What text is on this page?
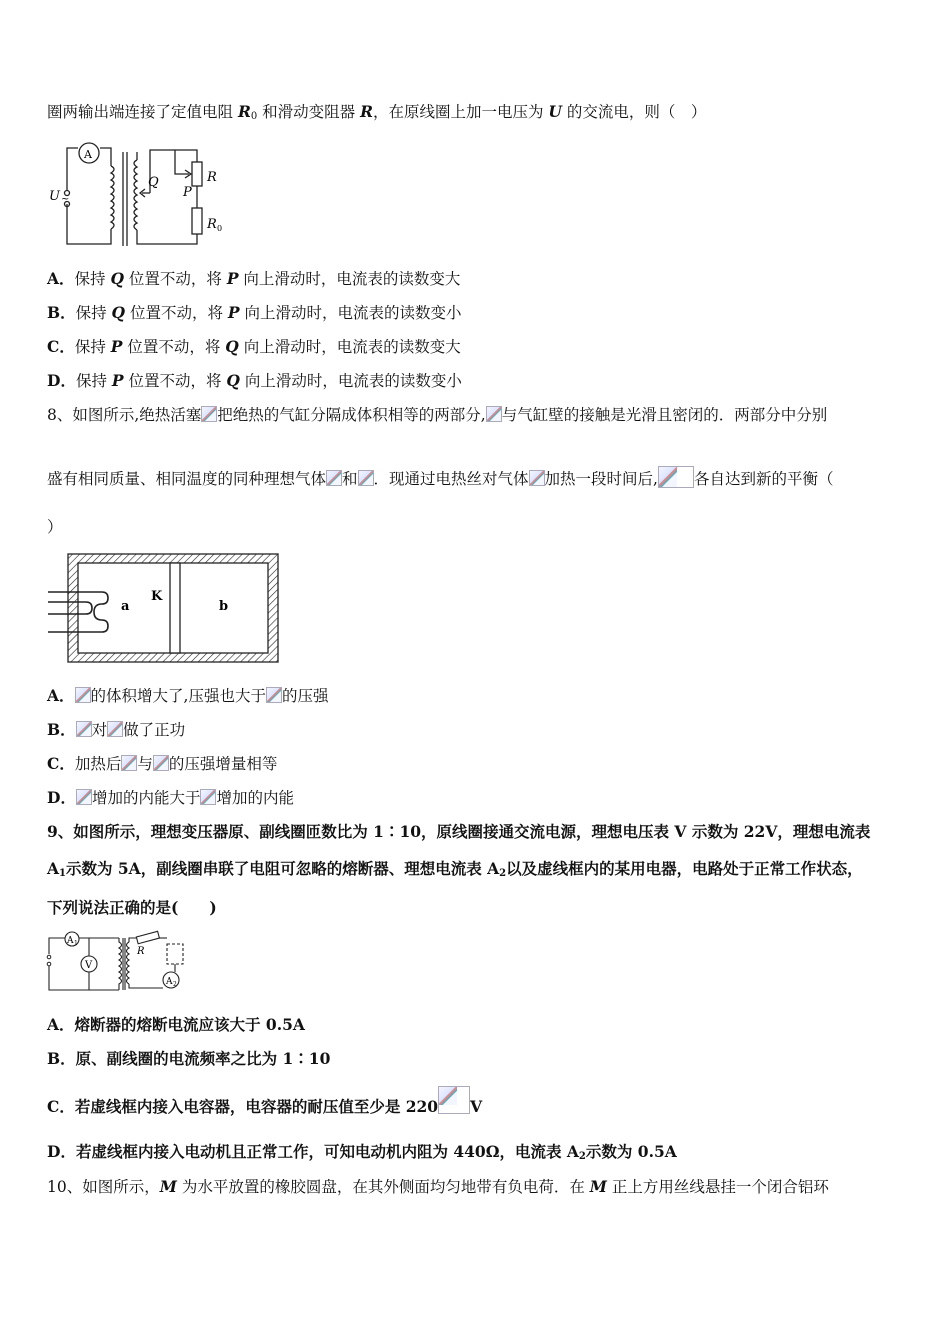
圈两输出端连接了定值电阻 $R_0$ 和滑动变阻器 R，在原线圈上加一电压为 U 的交流电，则（　）
A
U ~
Q
P
R
R 0
A．保持 Q 位置不动，将 P 向上滑动时，电流表的读数变大
B．保持 Q 位置不动，将 P 向上滑动时，电流表的读数变小
C．保持 P 位置不动，将 Q 向上滑动时，电流表的读数变大
D．保持 P 位置不动，将 Q 向上滑动时，电流表的读数变小
8、如图所示,绝热活塞 把绝热的气缸分隔成体积相等的两部分, 与气缸壁的接触是光滑且密闭的．两部分中分别
盛有相同质量、相同温度的同种理想气体 和 ．现通过电热丝对气体 加热一段时间后, 各自达到新的平衡（
）
a
K
b
A． 的体积增大了,压强也大于 的压强
B． 对 做了正功
C．加热后 与 的压强增量相等
D． 增加的内能大于 增加的内能
9、如图所示，理想变压器原、副线圈匝数比为 1∶10，原线圈接通交流电源，理想电压表 V 示数为 22V，理想电流表
$A_1$示数为 5A，副线圈串联了电阻可忽略的熔断器、理想电流表 $A_2$以及虚线框内的某用电器，电路处于正常工作状态，
下列说法正确的是(　　)
A 1
V
R
A 2
A．熔断器的熔断电流应该大于 0.5A
B．原、副线圈的电流频率之比为 1∶10
C．若虚线框内接入电容器，电容器的耐压值至少是 220 V
D．若虚线框内接入电动机且正常工作，可知电动机内阻为 440Ω，电流表 $A_2$示数为 0.5A
10、如图所示，M 为水平放置的橡胶圆盘，在其外侧面均匀地带有负电荷．在 M 正上方用丝线悬挂一个闭合铝环
